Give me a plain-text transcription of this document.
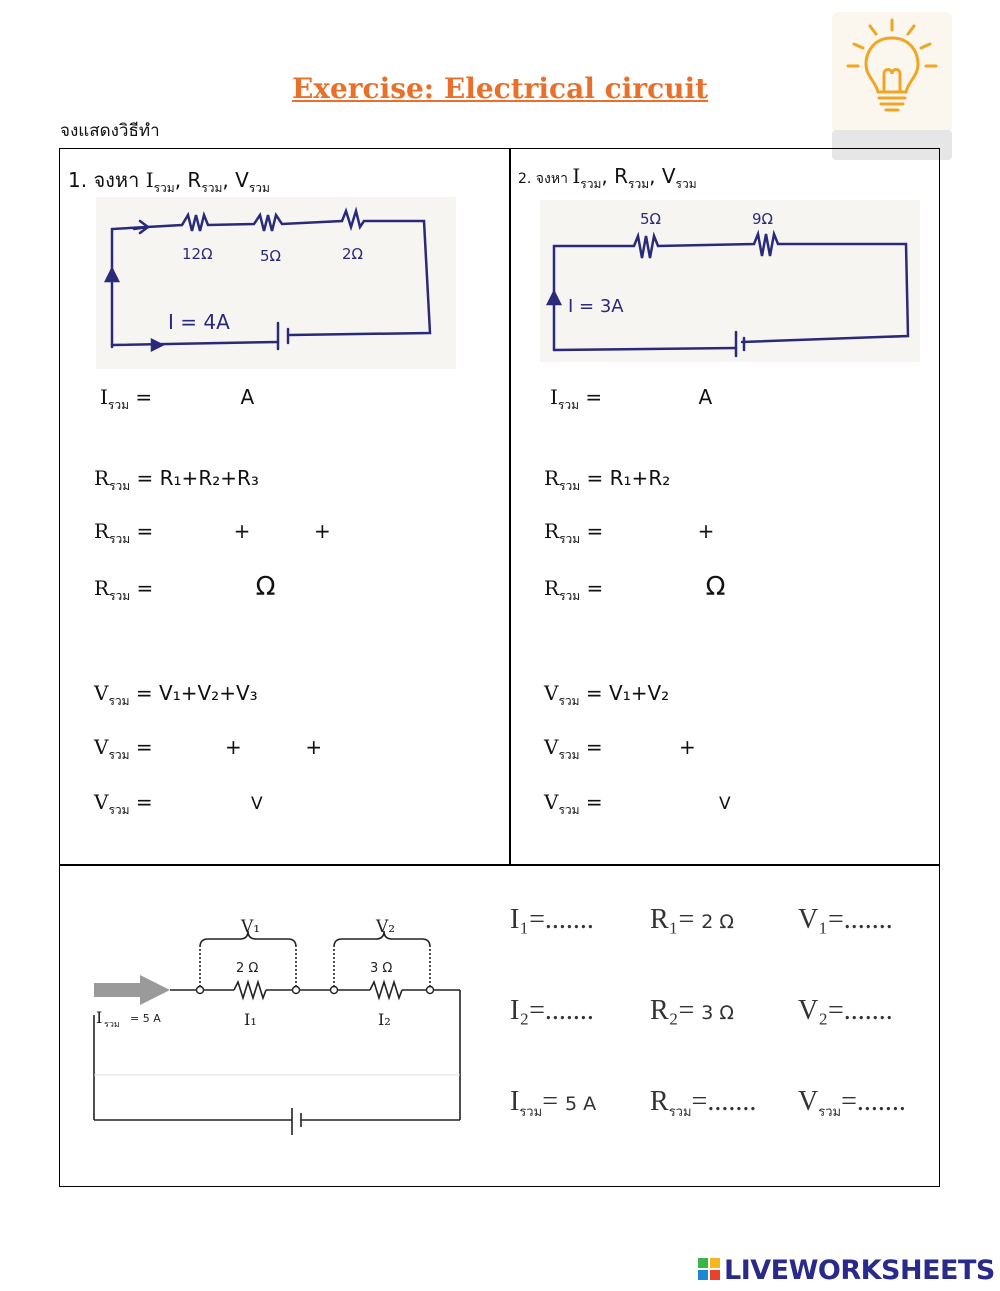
Exercise: Electrical circuit
จงแสดงวิธีทำ
1. จงหา $I_{รวม}$, $R_{รวม}$, $V_{รวม}$
12Ω	5Ω	2Ω
I = 4A
$I_{รวม}$ =	A
$R_{รวม} = R_1+R_2+R_3$
$R_{รวม}$ =	+          +
$R_{รวม}$ =	Ω
$V_{รวม} = V_1+V_2+V_3$
$V_{รวม}$ =	+          +
$V_{รวม}$ =	V
2. จงหา $I_{รวม}$, $R_{รวม}$, $V_{รวม}$
5Ω	9Ω
I = 3A
$I_{รวม}$ =	A
$R_{รวม} = R_1+R_2$
$R_{รวม}$ =	+
$R_{รวม}$ =	Ω
$V_{รวม} = V_1+V_2$
$V_{รวม}$ =	+
$V_{รวม}$ =	V
V₁	V₂
2 Ω	3 Ω
I₁	I₂
I รวม = 5 A
I₁=....... R₁= 2 Ω V₁=.......
I₂=....... R₂= 3 Ω V₂=.......
$I_{รวม}= 5$ A $R_{รวม}=$....... $V_{รวม}=$.......
LIVEWORKSHEETS
